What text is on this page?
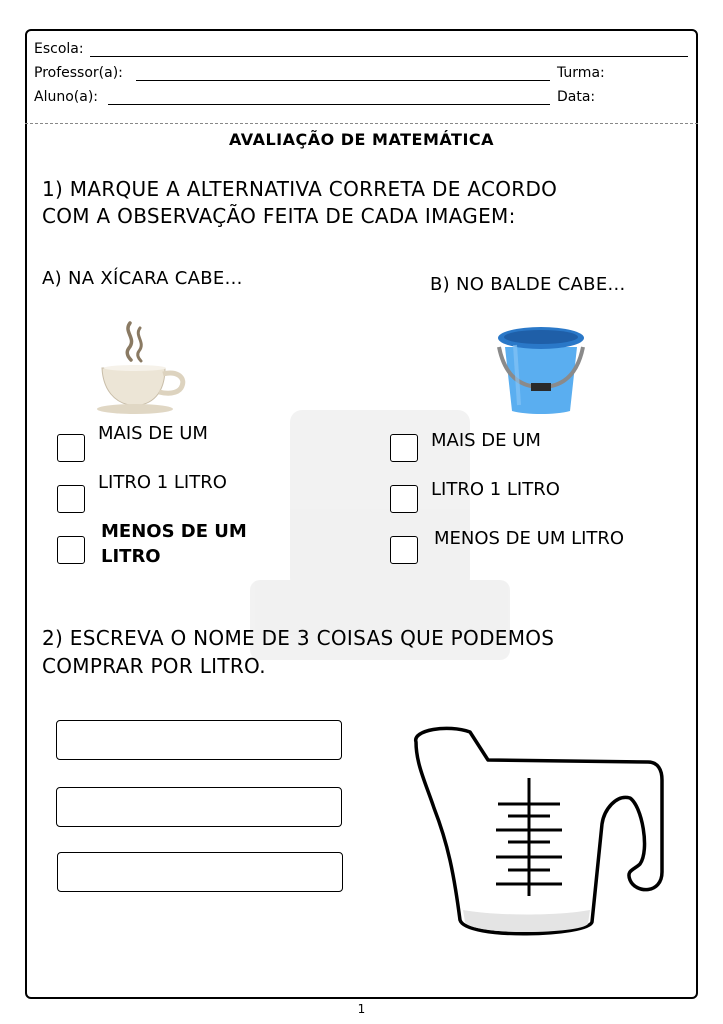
Escola:
Professor(a):	Turma:
Aluno(a):	Data:
AVALIAÇÃO DE MATEMÁTICA
1) MARQUE A ALTERNATIVA CORRETA DE ACORDO
COM A OBSERVAÇÃO FEITA DE CADA IMAGEM:
A) NA XÍCARA CABE...	B) NO BALDE CABE...
MAIS DE UM
LITRO 1 LITRO
MENOS DE UM
LITRO
MAIS DE UM
LITRO 1 LITRO
MENOS DE UM LITRO
2) ESCREVA O NOME DE 3 COISAS QUE PODEMOS
COMPRAR POR LITRO.
1
